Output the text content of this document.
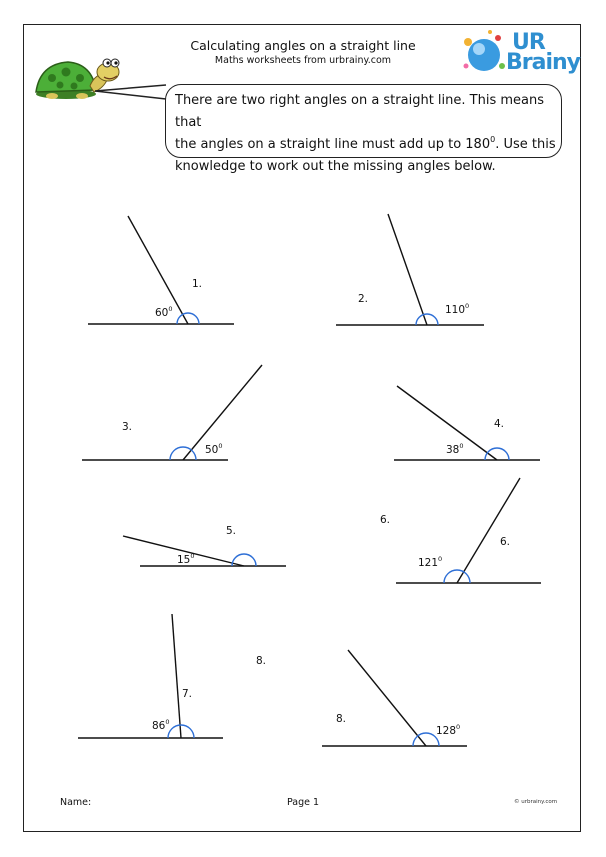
Calculating angles on a straight line
Maths worksheets from urbrainy.com
UR
Brainy
There are two right angles on a straight line. This means that
the angles on a straight line must add up to $180^0$. Use this
knowledge to work out the missing angles below.
1.
2.
3.	4.
5.
6.
6.
7.
8.
8.
$60^0$	$110^0$
$50^0$	$38^0$
$15^0$
$121^0$
$86^0$
$128^0$
Name:	Page 1	© urbrainy.com
